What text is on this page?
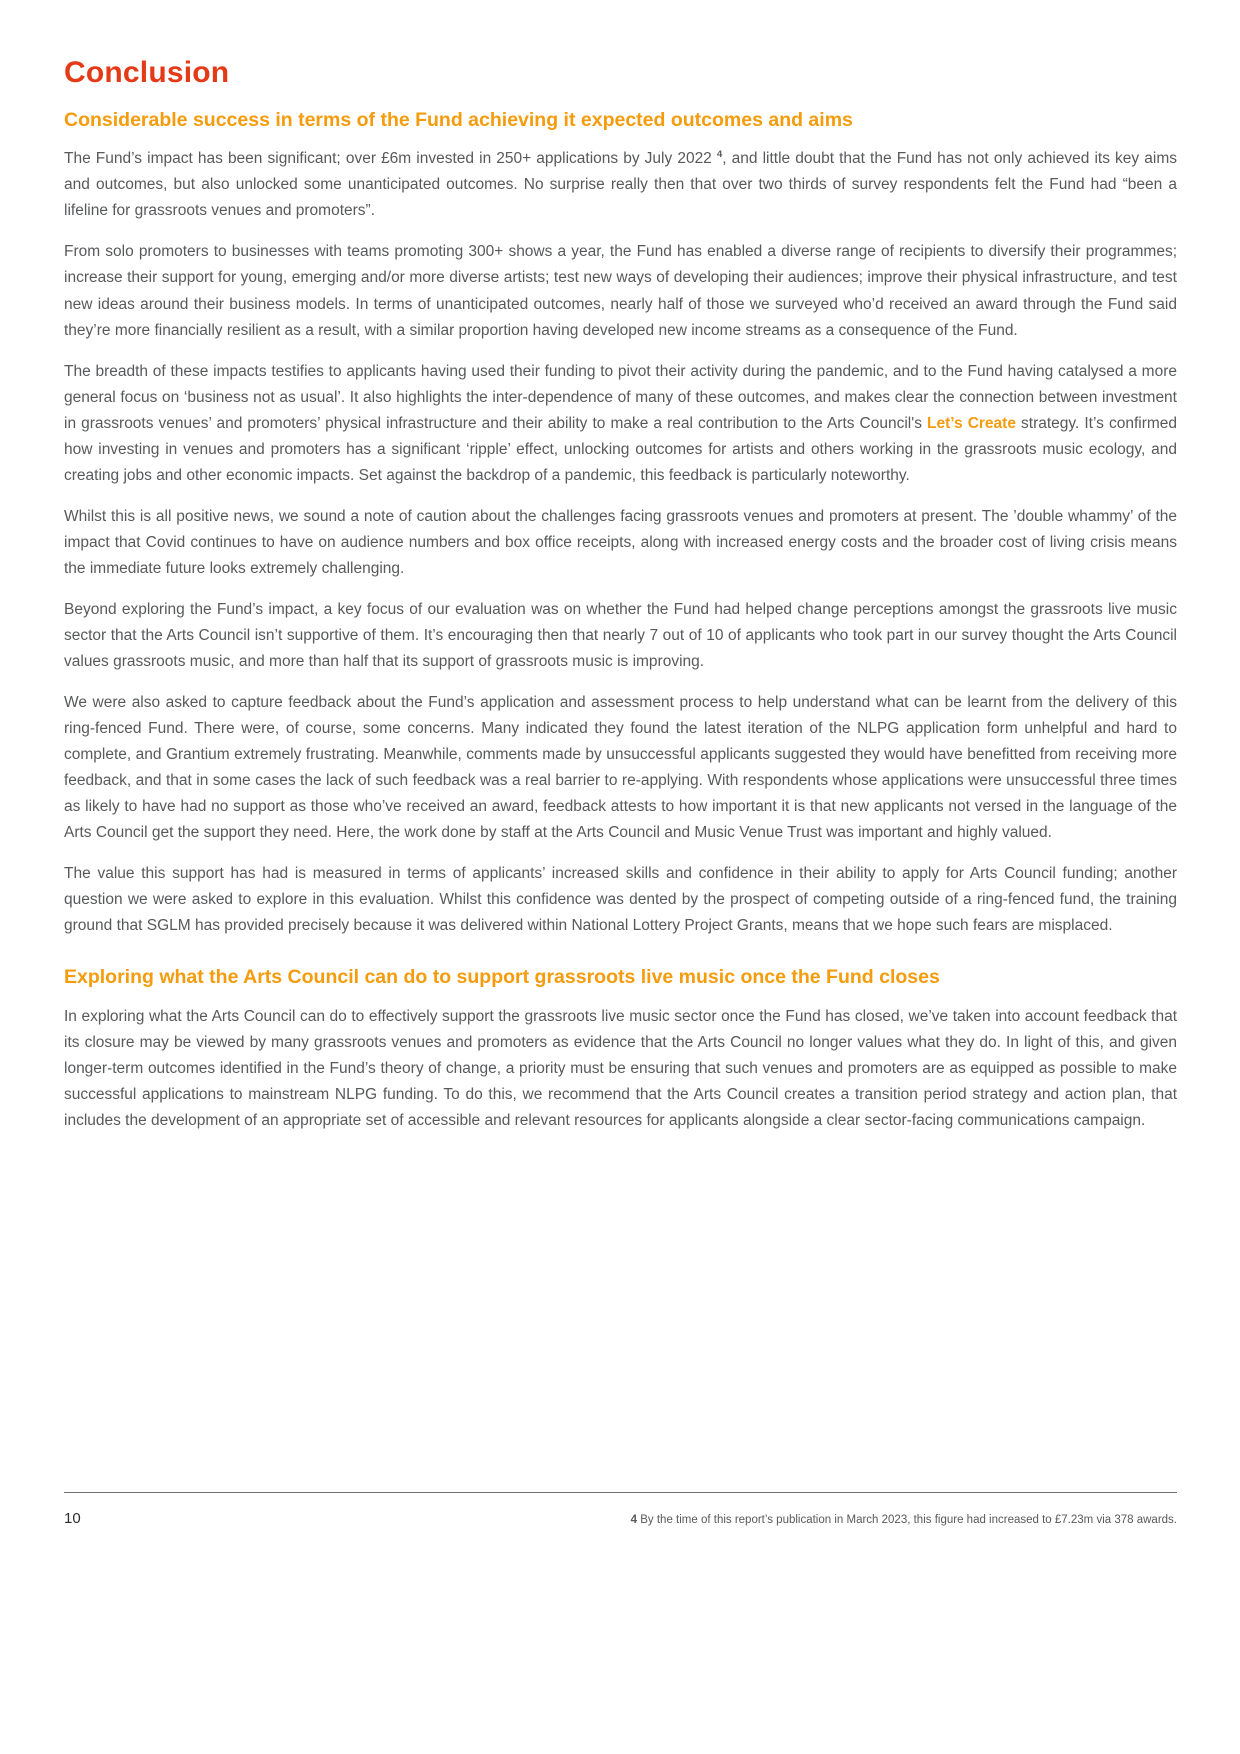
Conclusion
Considerable success in terms of the Fund achieving it expected outcomes and aims

The Fund’s impact has been significant; over £6m invested in 250+ applications by July 2022 $^4$, and little doubt that the Fund has not only achieved its key aims and outcomes, but also unlocked some unanticipated outcomes. No surprise really then that over two thirds of survey respondents felt the Fund had “been a lifeline for grassroots venues and promoters”.

From solo promoters to businesses with teams promoting 300+ shows a year, the Fund has enabled a diverse range of recipients to diversify their programmes; increase their support for young, emerging and/or more diverse artists; test new ways of developing their audiences; improve their physical infrastructure, and test new ideas around their business models. In terms of unanticipated outcomes, nearly half of those we surveyed who’d received an award through the Fund said they’re more financially resilient as a result, with a similar proportion having developed new income streams as a consequence of the Fund.

The breadth of these impacts testifies to applicants having used their funding to pivot their activity during the pandemic, and to the Fund having catalysed a more general focus on ‘business not as usual’. It also highlights the inter-dependence of many of these outcomes, and makes clear the connection between investment in grassroots venues’ and promoters’ physical infrastructure and their ability to make a real contribution to the Arts Council's Let’s Create strategy. It’s confirmed how investing in venues and promoters has a significant ‘ripple’ effect, unlocking outcomes for artists and others working in the grassroots music ecology, and creating jobs and other economic impacts. Set against the backdrop of a pandemic, this feedback is particularly noteworthy.

Whilst this is all positive news, we sound a note of caution about the challenges facing grassroots venues and promoters at present. The ’double whammy’ of the impact that Covid continues to have on audience numbers and box office receipts, along with increased energy costs and the broader cost of living crisis means the immediate future looks extremely challenging.

Beyond exploring the Fund’s impact, a key focus of our evaluation was on whether the Fund had helped change perceptions amongst the grassroots live music sector that the Arts Council isn’t supportive of them. It’s encouraging then that nearly 7 out of 10 of applicants who took part in our survey thought the Arts Council values grassroots music, and more than half that its support of grassroots music is improving.

We were also asked to capture feedback about the Fund’s application and assessment process to help understand what can be learnt from the delivery of this ring-fenced Fund. There were, of course, some concerns. Many indicated they found the latest iteration of the NLPG application form unhelpful and hard to complete, and Grantium extremely frustrating. Meanwhile, comments made by unsuccessful applicants suggested they would have benefitted from receiving more feedback, and that in some cases the lack of such feedback was a real barrier to re-applying. With respondents whose applications were unsuccessful three times as likely to have had no support as those who’ve received an award, feedback attests to how important it is that new applicants not versed in the language of the Arts Council get the support they need. Here, the work done by staff at the Arts Council and Music Venue Trust was important and highly valued.

The value this support has had is measured in terms of applicants’ increased skills and confidence in their ability to apply for Arts Council funding; another question we were asked to explore in this evaluation. Whilst this confidence was dented by the prospect of competing outside of a ring-fenced fund, the training ground that SGLM has provided precisely because it was delivered within National Lottery Project Grants, means that we hope such fears are misplaced.

Exploring what the Arts Council can do to support grassroots live music once the Fund closes

In exploring what the Arts Council can do to effectively support the grassroots live music sector once the Fund has closed, we’ve taken into account feedback that its closure may be viewed by many grassroots venues and promoters as evidence that the Arts Council no longer values what they do. In light of this, and given longer-term outcomes identified in the Fund’s theory of change, a priority must be ensuring that such venues and promoters are as equipped as possible to make successful applications to mainstream NLPG funding. To do this, we recommend that the Arts Council creates a transition period strategy and action plan, that includes the development of an appropriate set of accessible and relevant resources for applicants alongside a clear sector-facing communications campaign.

10	4 By the time of this report’s publication in March 2023, this figure had increased to £7.23m via 378 awards.
